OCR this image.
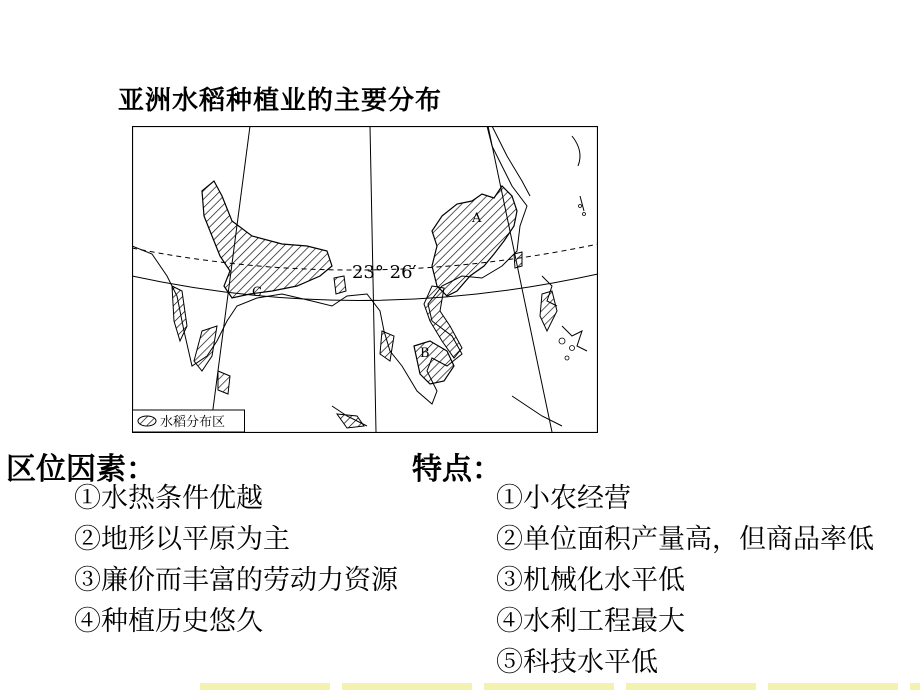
亚洲水稻种植业的主要分布
23° 26′
A
B
C
水稻分布区
区位因素：
①水热条件优越
②地形以平原为主
③廉价而丰富的劳动力资源
④种植历史悠久
特点：
①小农经营
②单位面积产量高，但商品率低
③机械化水平低
④水利工程最大
⑤科技水平低
